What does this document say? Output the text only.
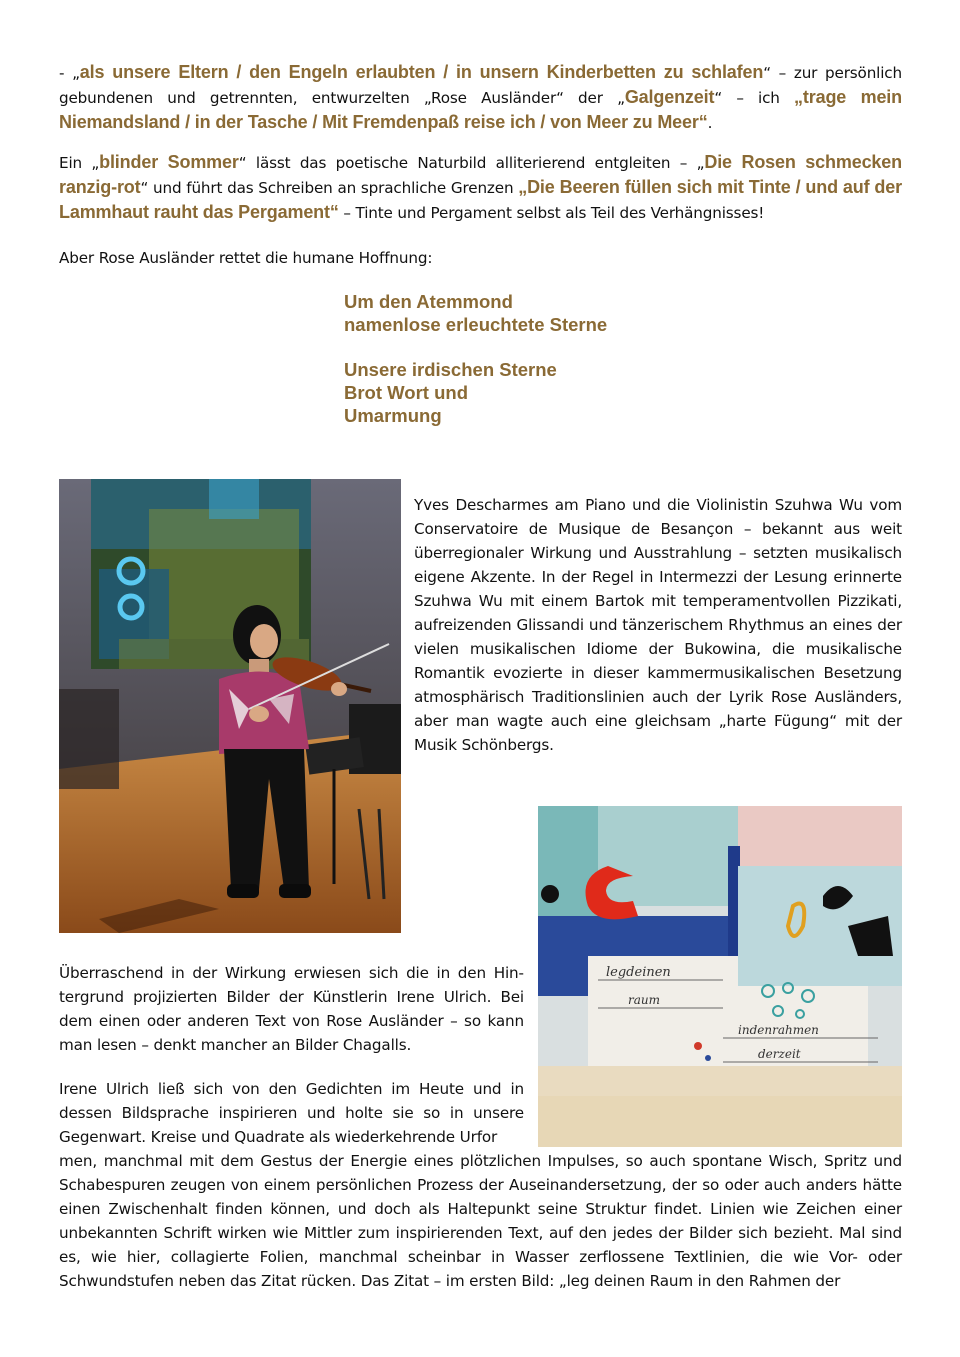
- „als unsere Eltern / den Engeln erlaubten / in unsern Kinderbetten zu schlafen“ – zur persönlich gebundenen und getrennten, entwurzelten „Rose Ausländer“ der „Galgenzeit“ – ich „trage mein Niemandsland / in der Tasche / Mit Fremdenpaß reise ich / von Meer zu Meer“.

Ein „blinder Sommer“ lässt das poetische Naturbild alliterierend entgleiten – „Die Rosen schmecken ranzig-rot“ und führt das Schreiben an sprachliche Grenzen „Die Beeren füllen sich mit Tinte / und auf der Lammhaut rauht das Pergament“ – Tinte und Pergament selbst als Teil des Verhängnisses!

Aber Rose Ausländer rettet die humane Hoffnung:

Um den Atemmond
namenlose erleuchtete Sterne
Unsere irdischen Sterne
Brot Wort und
Umarmung

Yves Descharmes am Piano und die Violinistin Szuhwa Wu vom Conservatoire de Musique de Besançon – bekannt aus weit überregionaler Wirkung und Ausstrahlung – setzten musikalisch eigene Akzente. In der Regel in Intermezzi der Lesung erinnerte Szuhwa Wu mit einem Bartok mit temperamentvollen Pizzikati, aufreizenden Glissandi und tänzerischem Rhythmus an eines der vielen musikalischen Idiome der Bukowina, die musikalische Romantik evozierte in dieser kammermusikalischen Besetzung atmosphärisch Traditionslinien auch der Lyrik Rose Ausländers, aber man wagte auch eine gleichsam „harte Fügung“ mit der Musik Schönbergs.

legdeinen
raum
indenrahmen
derzeit

Überraschend in der Wirkung erwiesen sich die in den Hintergrund projizierten Bilder der Künstlerin Irene Ulrich. Bei dem einen oder anderen Text von Rose Ausländer – so kann man lesen – denkt mancher an Bilder Chagalls.

Irene Ulrich ließ sich von den Gedichten im Heute und in dessen Bildsprache inspirieren und holte sie so in unsere Gegenwart. Kreise und Quadrate als wiederkehrende Urfor

men, manchmal mit dem Gestus der Energie eines plötzlichen Impulses, so auch spontane Wisch, Spritz und Schabespuren zeugen von einem persönlichen Prozess der Auseinandersetzung, der so oder auch anders hätte einen Zwischenhalt finden können, und doch als Haltepunkt seine Struktur findet. Linien wie Zeichen einer unbekannten Schrift wirken wie Mittler zum inspirierenden Text, auf den jedes der Bilder sich bezieht. Mal sind es, wie hier, collagierte Folien, manchmal scheinbar in Wasser zerflossene Textlinien, die wie Vor- oder Schwundstufen neben das Zitat rücken. Das Zitat – im ersten Bild: „leg deinen Raum in den Rahmen der
